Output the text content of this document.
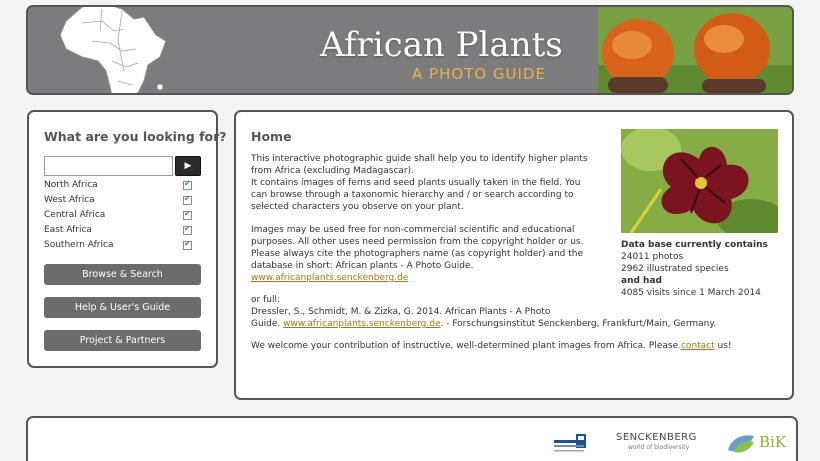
African Plants
A PHOTO GUIDE
What are you looking for?
▶
North Africa
✔
West Africa
✔
Central Africa
✔
East Africa
✔
Southern Africa
✔
Browse & Search
Help & User's Guide
Project & Partners
Home
This interactive photographic guide shall help you to identify higher plants
from Africa (excluding Madagascar).
It contains images of ferns and seed plants usually taken in the field. You
can browse through a taxonomic hierarchy and / or search according to
selected characters you observe on your plant.
Images may be used free for non-commercial scientific and educational
purposes. All other uses need permission from the copyright holder or us.
Please always cite the photographers name (as copyright holder) and the
database in short: African plants - A Photo Guide.
www.africanplants.senckenberg.de
or full:
Dressler, S., Schmidt, M. & Zizka, G. 2014. African Plants - A Photo
Guide. www.africanplants.senckenberg.de. - Forschungsinstitut Senckenberg, Frankfurt/Main, Germany.
We welcome your contribution of instructive, well-determined plant images from Africa. Please contact us!
Data base currently contains
24011 photos
2962 illustrated species
and had
4085 visits since 1 March 2014
SENCKENBERG
world of biodiversity	BiK
